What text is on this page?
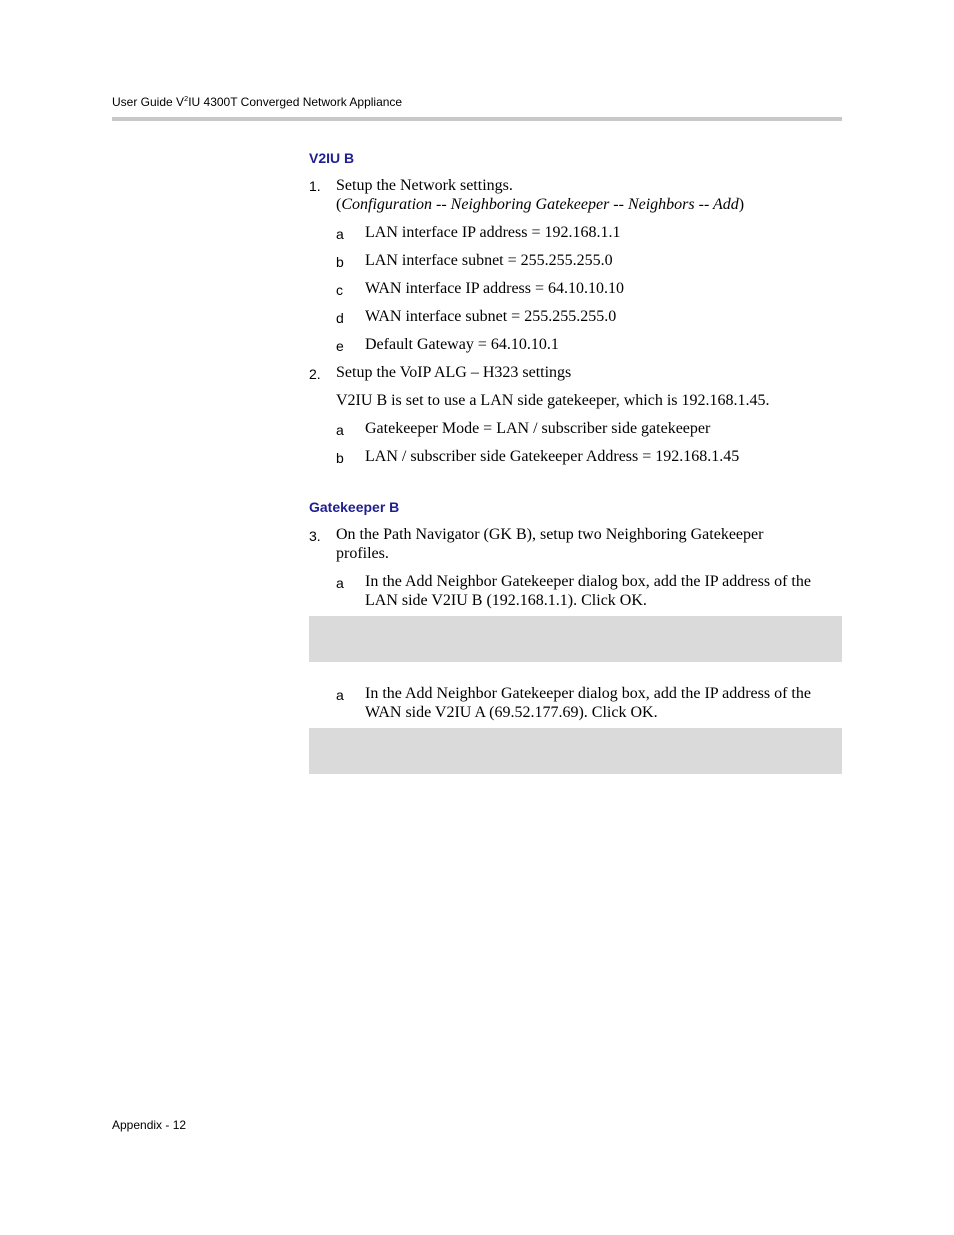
User Guide $V^2IU$ 4300T Converged Network Appliance
V2IU B
1. Setup the Network settings.
(Configuration -- Neighboring Gatekeeper -- Neighbors -- Add)
a LAN interface IP address = 192.168.1.1
b LAN interface subnet = 255.255.255.0
c WAN interface IP address = 64.10.10.10
d WAN interface subnet = 255.255.255.0
e Default Gateway = 64.10.10.1
2. Setup the VoIP ALG – H323 settings
V2IU B is set to use a LAN side gatekeeper, which is 192.168.1.45.
a Gatekeeper Mode = LAN / subscriber side gatekeeper
b LAN / subscriber side Gatekeeper Address = 192.168.1.45
Gatekeeper B
3. On the Path Navigator (GK B), setup two Neighboring Gatekeeper
profiles.
a In the Add Neighbor Gatekeeper dialog box, add the IP address of the
LAN side V2IU B (192.168.1.1). Click OK.
a In the Add Neighbor Gatekeeper dialog box, add the IP address of the
WAN side V2IU A (69.52.177.69). Click OK.
Appendix - 12
